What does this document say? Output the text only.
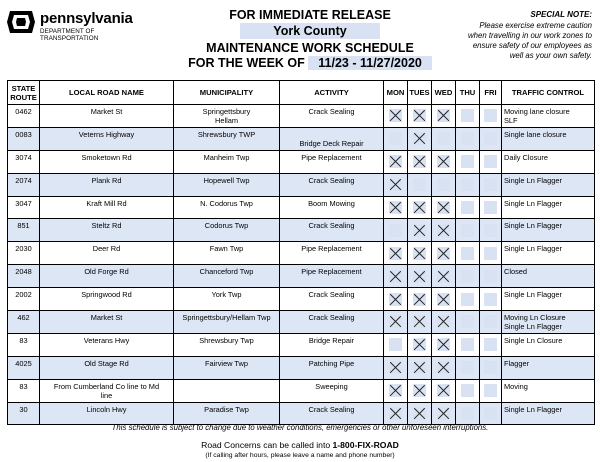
pennsylvania
DEPARTMENT OF TRANSPORTATION
FOR IMMEDIATE RELEASE
York County
MAINTENANCE WORK SCHEDULE
FOR THE WEEK OF 11/23 - 11/27/2020
SPECIAL NOTE:
Please exercise extreme caution
when travelling in our work zones to
ensure safety of our employees as
well as your own safety.
STATE
ROUTE	LOCAL ROAD NAME	MUNICIPALITY	ACTIVITY	MON	TUES	WED	THU	FRI	TRAFFIC CONTROL
0462	Market St	Springettsbury
Hellam	Crack Sealing						Moving lane closure
SLF
0083	Veterns Highway	Shrewsbury TWP	Bridge Deck Repair						Single lane closure
3074	Smoketown Rd	Manheim Twp	Pipe Replacement						Daily Closure
2074	Plank Rd	Hopewell Twp	Crack Sealing						Single Ln Flagger
3047	Kraft Mill Rd	N. Codorus Twp	Boom Mowing						Single Ln Flagger
851	Steltz Rd	Codorus Twp	Crack Sealing						Single Ln Flagger
2030	Deer Rd	Fawn Twp	Pipe Replacement						Single Ln Flagger
2048	Old Forge Rd	Chanceford Twp	Pipe Replacement						Closed
2002	Springwood Rd	York Twp	Crack Sealing						Single Ln Flagger
462	Market St	Springettsbury/Hellam Twp	Crack Sealing						Moving Ln Closure
Single Ln Flagger
83	Veterans Hwy	Shrewsbury Twp	Bridge Repair						Single Ln Closure
4025	Old Stage Rd	Fairview Twp	Patching Pipe						Flagger
83	From Cumberland Co line to Md
line		Sweeping						Moving
30	Lincoln Hwy	Paradise Twp	Crack Sealing						Single Ln Flagger
This schedule is subject to change due to weather conditions, emergencies or other unforeseen interruptions.
Road Concerns can be called into 1-800-FIX-ROAD
(If calling after hours, please leave a name and phone number)
